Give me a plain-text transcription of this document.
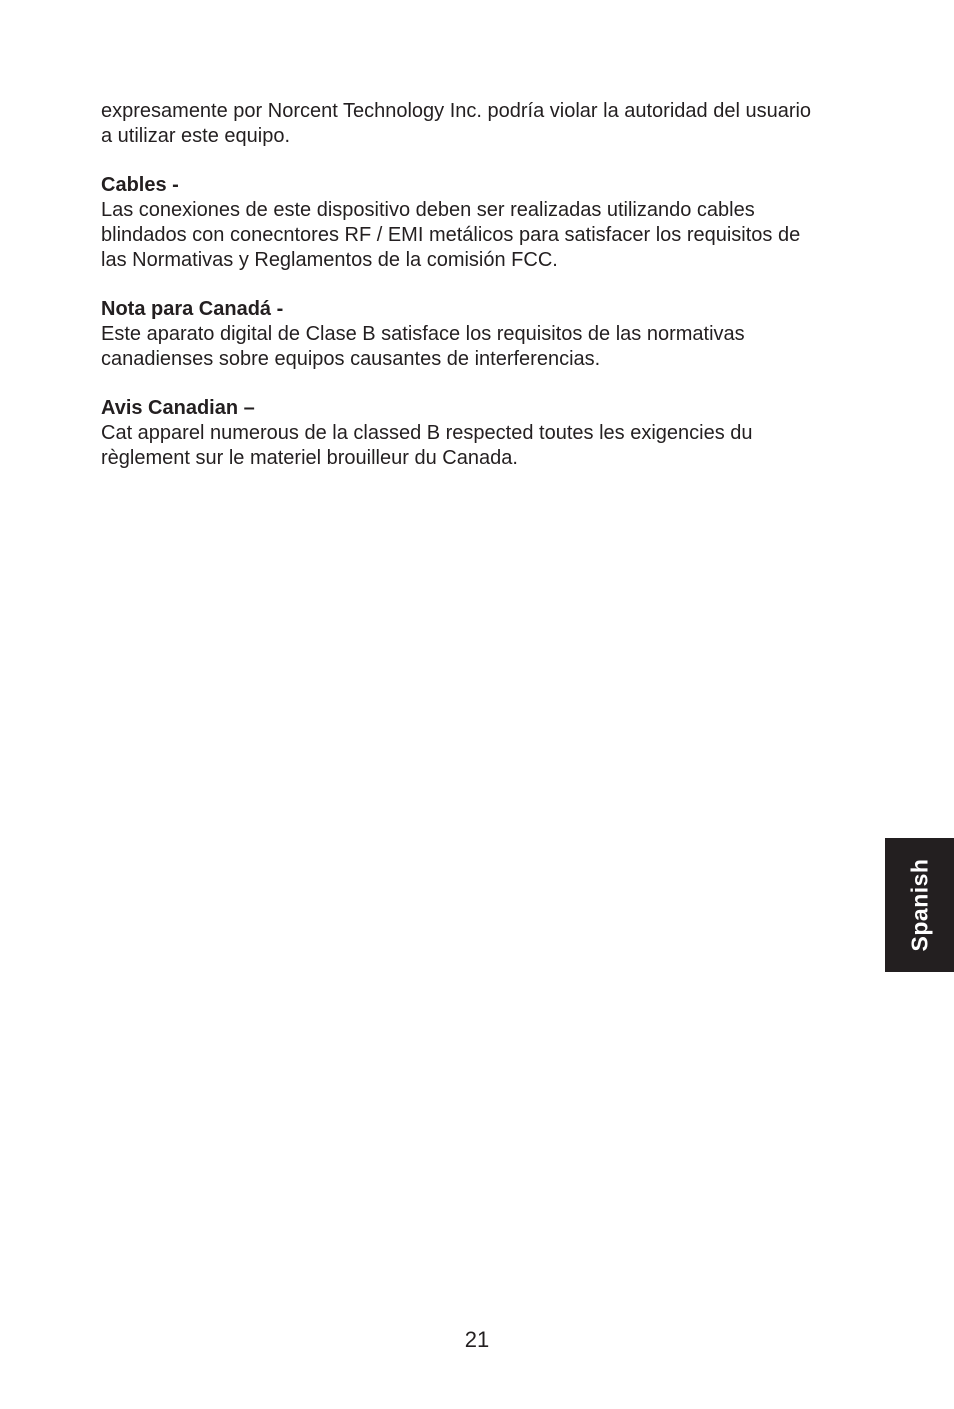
expresamente por Norcent Technology Inc. podría violar la autoridad del usuario
a utilizar este equipo.

Cables -
Las conexiones de este dispositivo deben ser realizadas utilizando cables
blindados con conecntores RF / EMI metálicos para satisfacer los requisitos de
las Normativas y Reglamentos de la comisión FCC.
Nota para Canadá -
Este aparato digital de Clase B satisface los requisitos de las normativas
canadienses sobre equipos causantes de interferencias.
Avis Canadian –
Cat apparel numerous de la classed B respected toutes les exigencies du
règlement sur le materiel brouilleur du Canada.
Spanish
21
